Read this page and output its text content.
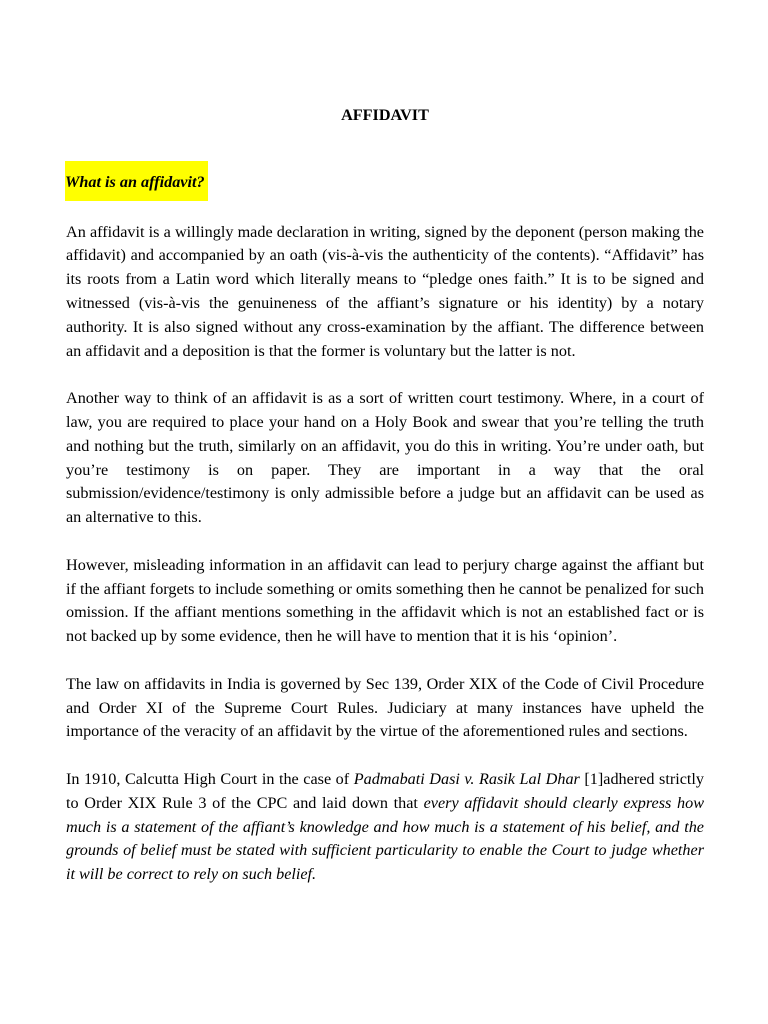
AFFIDAVIT
What is an affidavit?

An affidavit is a willingly made declaration in writing, signed by the deponent (person making the affidavit) and accompanied by an oath (vis-à-vis the authenticity of the contents). “Affidavit” has its roots from a Latin word which literally means to “pledge ones faith.” It is to be signed and witnessed (vis-à-vis the genuineness of the affiant’s signature or his identity) by a notary authority. It is also signed without any cross-examination by the affiant. The difference between an affidavit and a deposition is that the former is voluntary but the latter is not.

Another way to think of an affidavit is as a sort of written court testimony. Where, in a court of law, you are required to place your hand on a Holy Book and swear that you’re telling the truth and nothing but the truth, similarly on an affidavit, you do this in writing. You’re under oath, but you’re testimony is on paper. They are important in a way that the oral submission/evidence/testimony is only admissible before a judge but an affidavit can be used as an alternative to this.

However, misleading information in an affidavit can lead to perjury charge against the affiant but if the affiant forgets to include something or omits something then he cannot be penalized for such omission. If the affiant mentions something in the affidavit which is not an established fact or is not backed up by some evidence, then he will have to mention that it is his ‘opinion’.

The law on affidavits in India is governed by Sec 139, Order XIX of the Code of Civil Procedure and Order XI of the Supreme Court Rules. Judiciary at many instances have upheld the importance of the veracity of an affidavit by the virtue of the aforementioned rules and sections.

In 1910, Calcutta High Court in the case of Padmabati Dasi v. Rasik Lal Dhar [1]adhered strictly to Order XIX Rule 3 of the CPC and laid down that every affidavit should clearly express how much is a statement of the affiant’s knowledge and how much is a statement of his belief, and the grounds of belief must be stated with sufficient particularity to enable the Court to judge whether it will be correct to rely on such belief.
